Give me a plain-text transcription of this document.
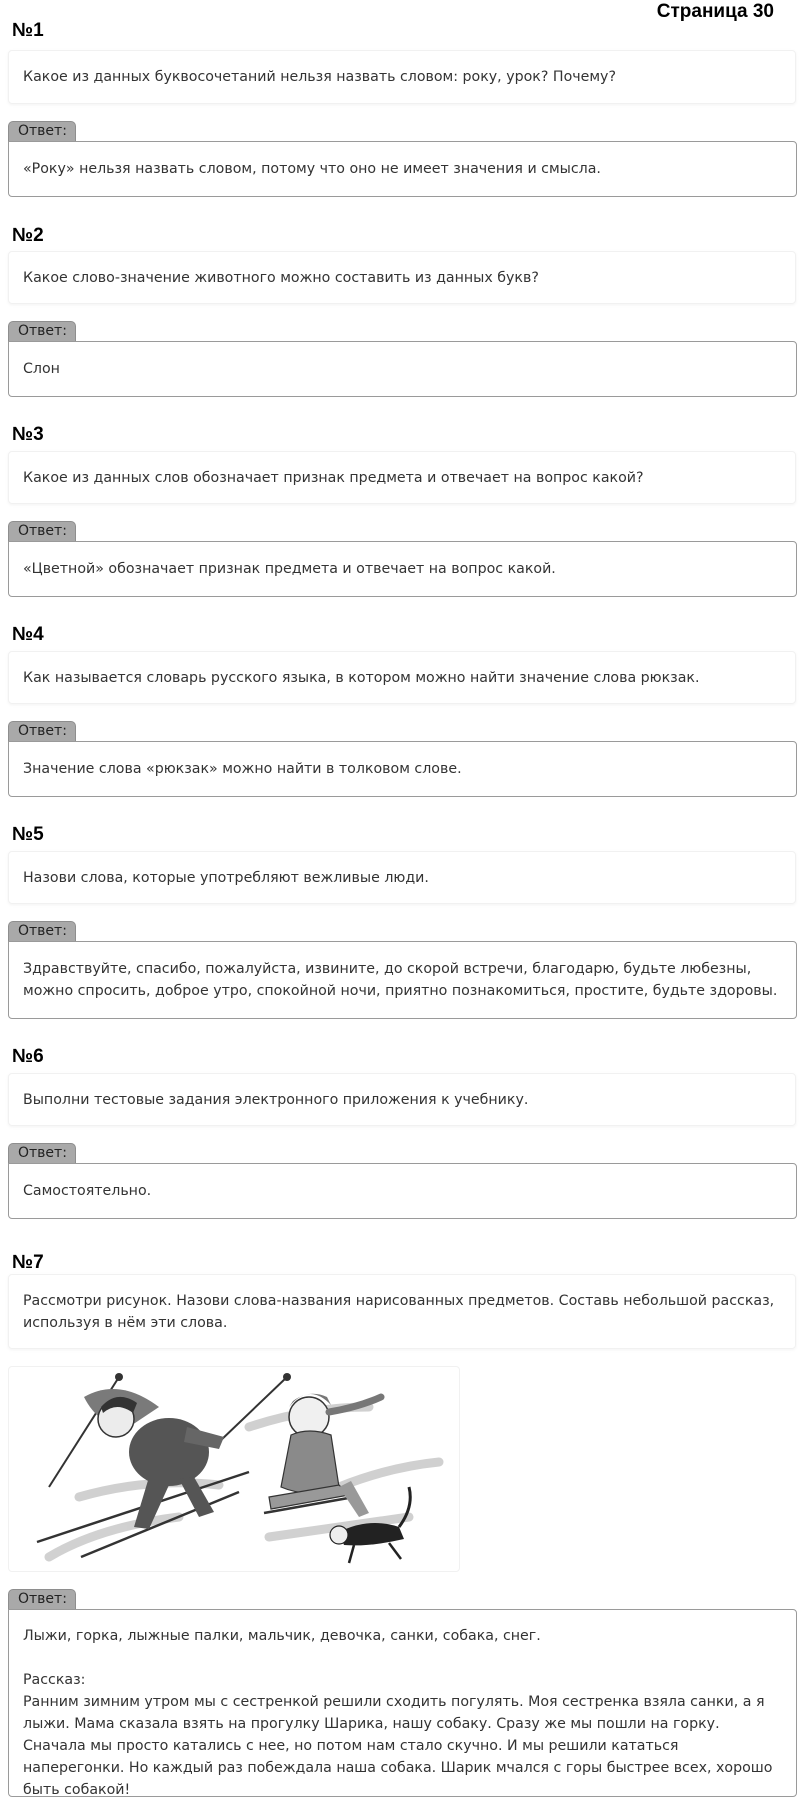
Страница 30
№1
Какое из данных буквосочетаний нельзя назвать словом: року, урок? Почему?
Ответ:
«Року» нельзя назвать словом, потому что оно не имеет значения и смысла.
№2
Какое слово-значение животного можно составить из данных букв?
Ответ:
Слон
№3
Какое из данных слов обозначает признак предмета и отвечает на вопрос какой?
Ответ:
«Цветной» обозначает признак предмета и отвечает на вопрос какой.
№4
Как называется словарь русского языка, в котором можно найти значение слова рюкзак.
Ответ:
Значение слова «рюкзак» можно найти в толковом слове.
№5
Назови слова, которые употребляют вежливые люди.
Ответ:
Здравствуйте, спасибо, пожалуйста, извините, до скорой встречи, благодарю, будьте любезны, можно спросить, доброе утро, спокойной ночи, приятно познакомиться, простите, будьте здоровы.
№6
Выполни тестовые задания электронного приложения к учебнику.
Ответ:
Самостоятельно.
№7
Рассмотри рисунок. Назови слова-названия нарисованных предметов. Составь небольшой рассказ, используя в нём эти слова.
Ответ:
Лыжи, горка, лыжные палки, мальчик, девочка, санки, собака, снег.
Рассказ:
Ранним зимним утром мы с сестренкой решили сходить погулять. Моя сестренка взяла санки, а я лыжи. Мама сказала взять на прогулку Шарика, нашу собаку. Сразу же мы пошли на горку. Сначала мы просто катались с нее, но потом нам стало скучно. И мы решили кататься наперегонки. Но каждый раз побеждала наша собака. Шарик мчался с горы быстрее всех, хорошо быть собакой!
